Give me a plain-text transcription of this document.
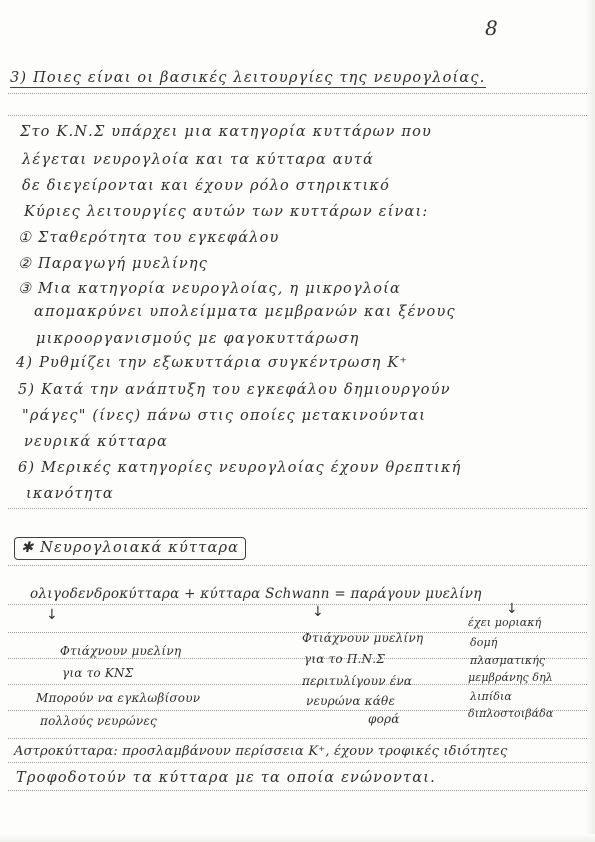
8
3) Ποιες είναι οι βασικές λειτουργίες της νευρογλοίας.
Στο Κ.Ν.Σ υπάρχει μια κατηγορία κυττάρων που
λέγεται νευρογλοία και τα κύτταρα αυτά
δε διεγείρονται και έχουν ρόλο στηρικτικό
Κύριες λειτουργίες αυτών των κυττάρων είναι:
① Σταθερότητα του εγκεφάλου
② Παραγωγή μυελίνης
③ Μια κατηγορία νευρογλοίας, η μικρογλοία
απομακρύνει υπολείμματα μεμβρανών και ξένους
μικροοργανισμούς με φαγοκυττάρωση
4) Ρυθμίζει την εξωκυττάρια συγκέντρωση K⁺
5) Κατά την ανάπτυξη του εγκεφάλου δημιουργούν
"ράγες" (ίνες) πάνω στις οποίες μετακινούνται
νευρικά κύτταρα
6) Μερικές κατηγορίες νευρογλοίας έχουν θρεπτική
ικανότητα
✱ Νευρογλοιακά κύτταρα
ολιγοδενδροκύτταρα + κύτταρα Schwann = παράγουν μυελίνη
↓	↓	↓
Φτιάχνουν μυελίνη
για το ΚΝΣ
Μπορούν να εγκλωβίσουν
πολλούς νευρώνες
Φτιάχνουν μυελίνη
για το Π.Ν.Σ
περιτυλίγουν ένα
νευρώνα κάθε
φορά
έχει μοριακή
δομή
πλασματικής
μεμβράνης δηλ
λιπίδια
διπλοστοιβάδα
Αστροκύτταρα: προσλαμβάνουν περίσσεια K⁺, έχουν τροφικές ιδιότητες
Τροφοδοτούν τα κύτταρα με τα οποία ενώνονται.
